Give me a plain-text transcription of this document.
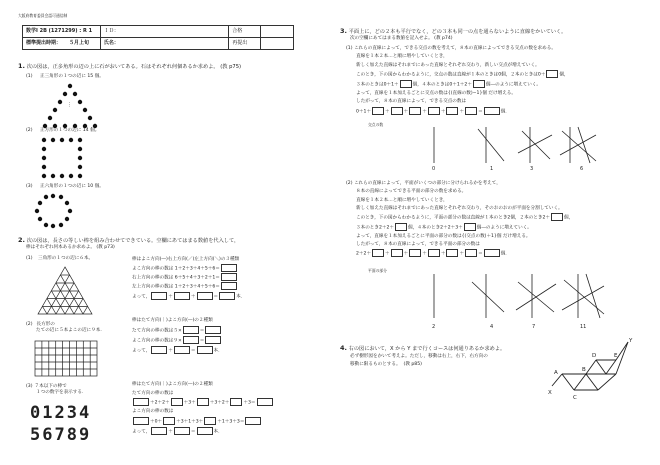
大阪府教育委員会認可通信制
数学Ⅰ 2B (1271299) : R 1	ＩＤ：	合格	
標準提出時期： ５月上旬	氏名：	再提出	
1. 次の図は，正多角形の辺の上に石がおいてある。石はそれぞれ何個あるか求めよ。 (教 p75)
(1) 正三角形の１つの辺に 15 個。
⋮
(2) 正方形の１つの辺に 14 個。
(3) 正六角形の１つの辺に 10 個。
2. 次の図は，長さの等しい棒を組み合わせてできている。空欄にあてはまる数値を代入して，
棒はそれぞれ何本あるか求めよ。 (教 p73)
(1) 三角形の１つの辺に６本。	棒はよこ方向(―)右上方向(／)左上方向(＼)の３種類
よこ方向の棒の数は 1＋2＋3＋4＋5＋6＝
右上方向の棒の数は 6＋5＋4＋3＋2＋1＝
左上方向の棒の数は 1＋2＋3＋4＋5＋6＝
よって，	＋	＋	＝	本.
(2) 長方形の
たての辺に５本よこの辺に９本.
棒はたて方向(｜)よこ方向(―)の２種類
たて方向の棒の数は５×	＝
よこ方向の棒の数は９×	＝
よって，	＋	＝	本.
(3) ７本以下の棒で
１つの数字を表示する.
01234
56789
棒はたて方向(｜)よこ方向(―)の２種類
たて方向の棒の数は
＋2＋2＋	＋3＋	＋3＋2＋	＋3＝
よこ方向の棒の数は
＋0＋	＋3＋1＋3＋	＋1＋3＋3＝
よって，	＋	＝	本.
3. 平面上に，どの２本も平行でなく，どの３本も同一の点を通らないように直線をかいていく。
次の空欄にあてはまる数値を記入せよ。 (教 p74)
(1) これらの直線によって，できる交点の数を考えて，８本の直線によってできる交点の数を求める。
直線を１本２本…と順に増やしていくとき，
新しく加えた直線はそれまでにあった直線とそれぞれ交わり，新しい交点が増えていく。
このとき，下の図からわかるように，交点の数は直線が１本のときは0個，２本のときは0＋	個，
３本のときは0＋1＋	個，４本のときは0＋1＋2＋	個―のように増えていく。
よって，直線を１本加えるごとに交点の数は{(直線の数)−1}個 だけ増える。
したがって，８本の直線によって，できる交点の数は
0＋1＋	＋	＋	＋	＋	＋	＝	個.
交点の数
0	1	3	6
(2) これらの直線によって，平面がいくつの部分に分けられるかを考えて，
８本の直線によってできる平面の部分の数を求める。
直線を１本２本…と順に増やしていくとき，
新しく加えた直線はそれまでにあった直線とそれぞれ交わり，そのおのおのが平面を分割していく。
このとき，下の図からわかるように，平面の部分の数は直線が１本のとき2個，２本のとき2＋	個，
３本のとき2＋2＋	個，４本のとき2＋2＋3＋	個―のように増えていく。
よって，直線を１本加えるごとに平面の部分の数は{(交点の数)＋1}個 だけ増える。
したがって，８本の直線によって，できる平面の部分の数は
2＋2＋	＋	＋	＋	＋	＋	＝	個.
平面の部分
2	4	7	11
4. 右の図において，X から Y まで行くコースは何通りあるか求めよ。
必ず樹形図をかいて考えよ。ただし，移動は右上，右下，右方向の
移動に限るものとする。 (教 p85)
X
A	B
C
D	E
Y
